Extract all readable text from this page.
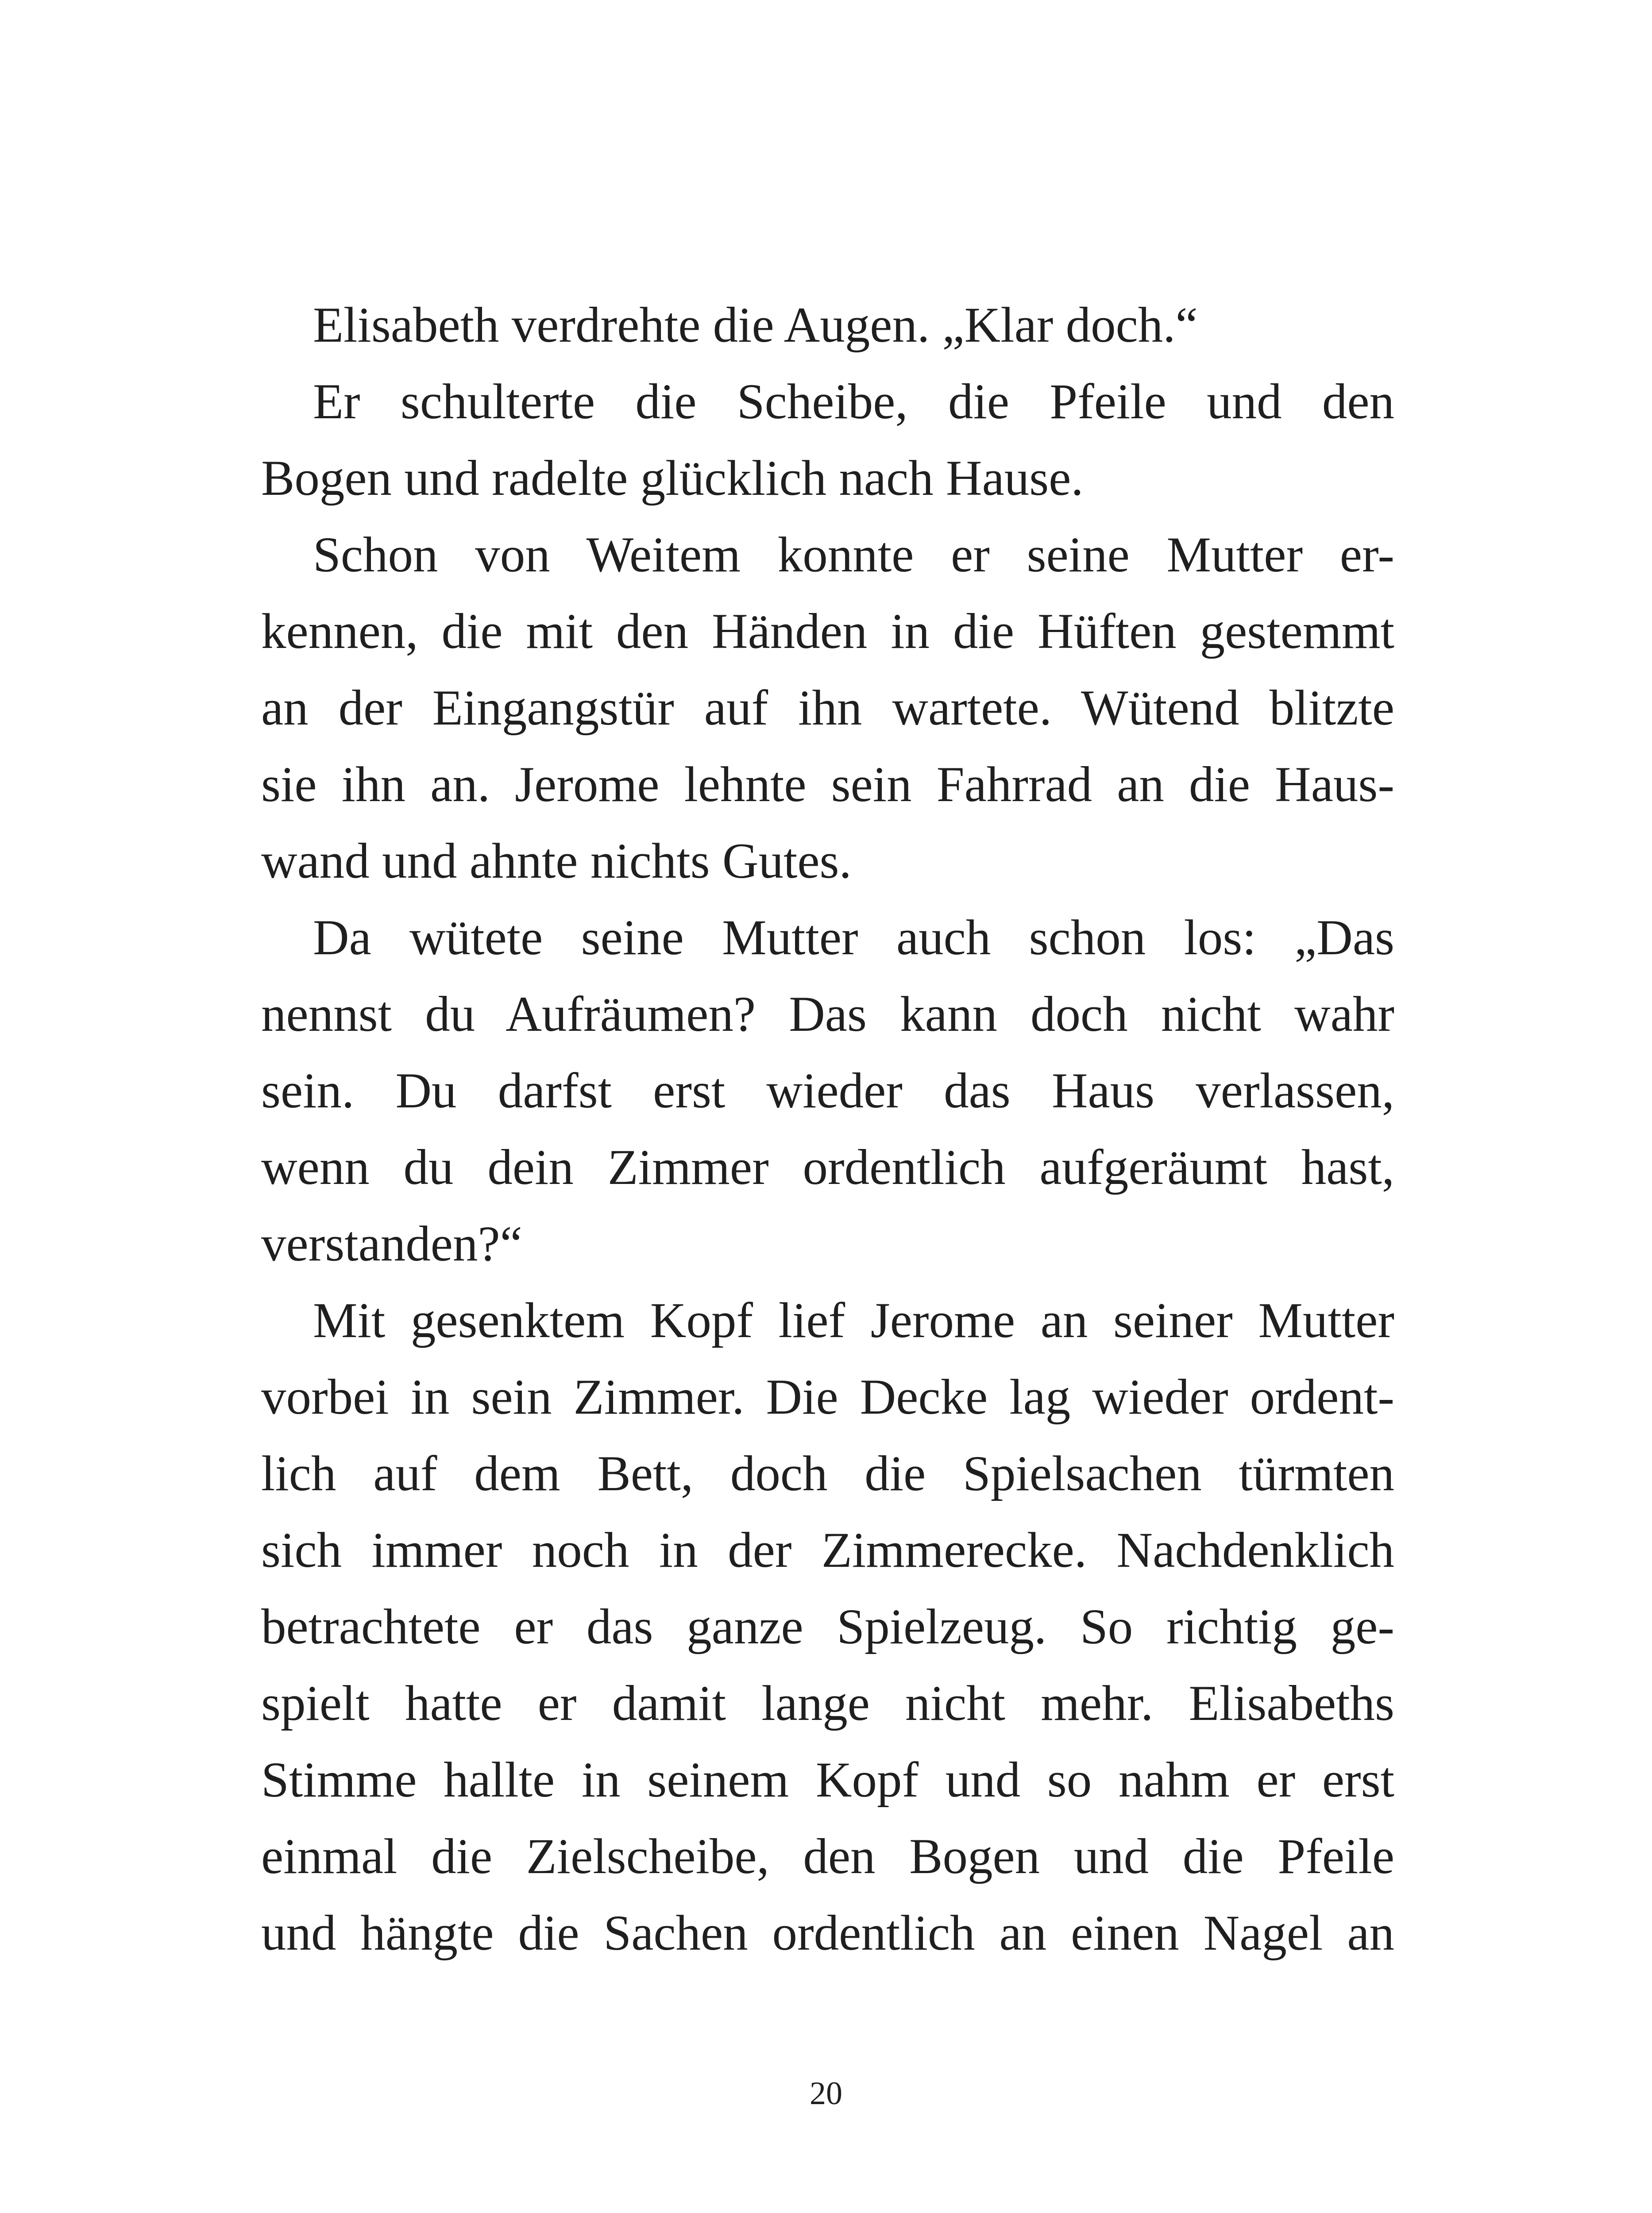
Elisabeth verdrehte die Augen. „Klar doch.“
Er schulterte die Scheibe, die Pfeile und den
Bogen und radelte glücklich nach Hause.
Schon von Weitem konnte er seine Mutter er-
kennen, die mit den Händen in die Hüften gestemmt
an der Eingangstür auf ihn wartete. Wütend blitzte
sie ihn an. Jerome lehnte sein Fahrrad an die Haus-
wand und ahnte nichts Gutes.
Da wütete seine Mutter auch schon los: „Das
nennst du Aufräumen? Das kann doch nicht wahr
sein. Du darfst erst wieder das Haus verlassen,
wenn du dein Zimmer ordentlich aufgeräumt hast,
verstanden?“
Mit gesenktem Kopf lief Jerome an seiner Mutter
vorbei in sein Zimmer. Die Decke lag wieder ordent-
lich auf dem Bett, doch die Spielsachen türmten
sich immer noch in der Zimmerecke. Nachdenklich
betrachtete er das ganze Spielzeug. So richtig ge-
spielt hatte er damit lange nicht mehr. Elisabeths
Stimme hallte in seinem Kopf und so nahm er erst
einmal die Zielscheibe, den Bogen und die Pfeile
und hängte die Sachen ordentlich an einen Nagel an
20
